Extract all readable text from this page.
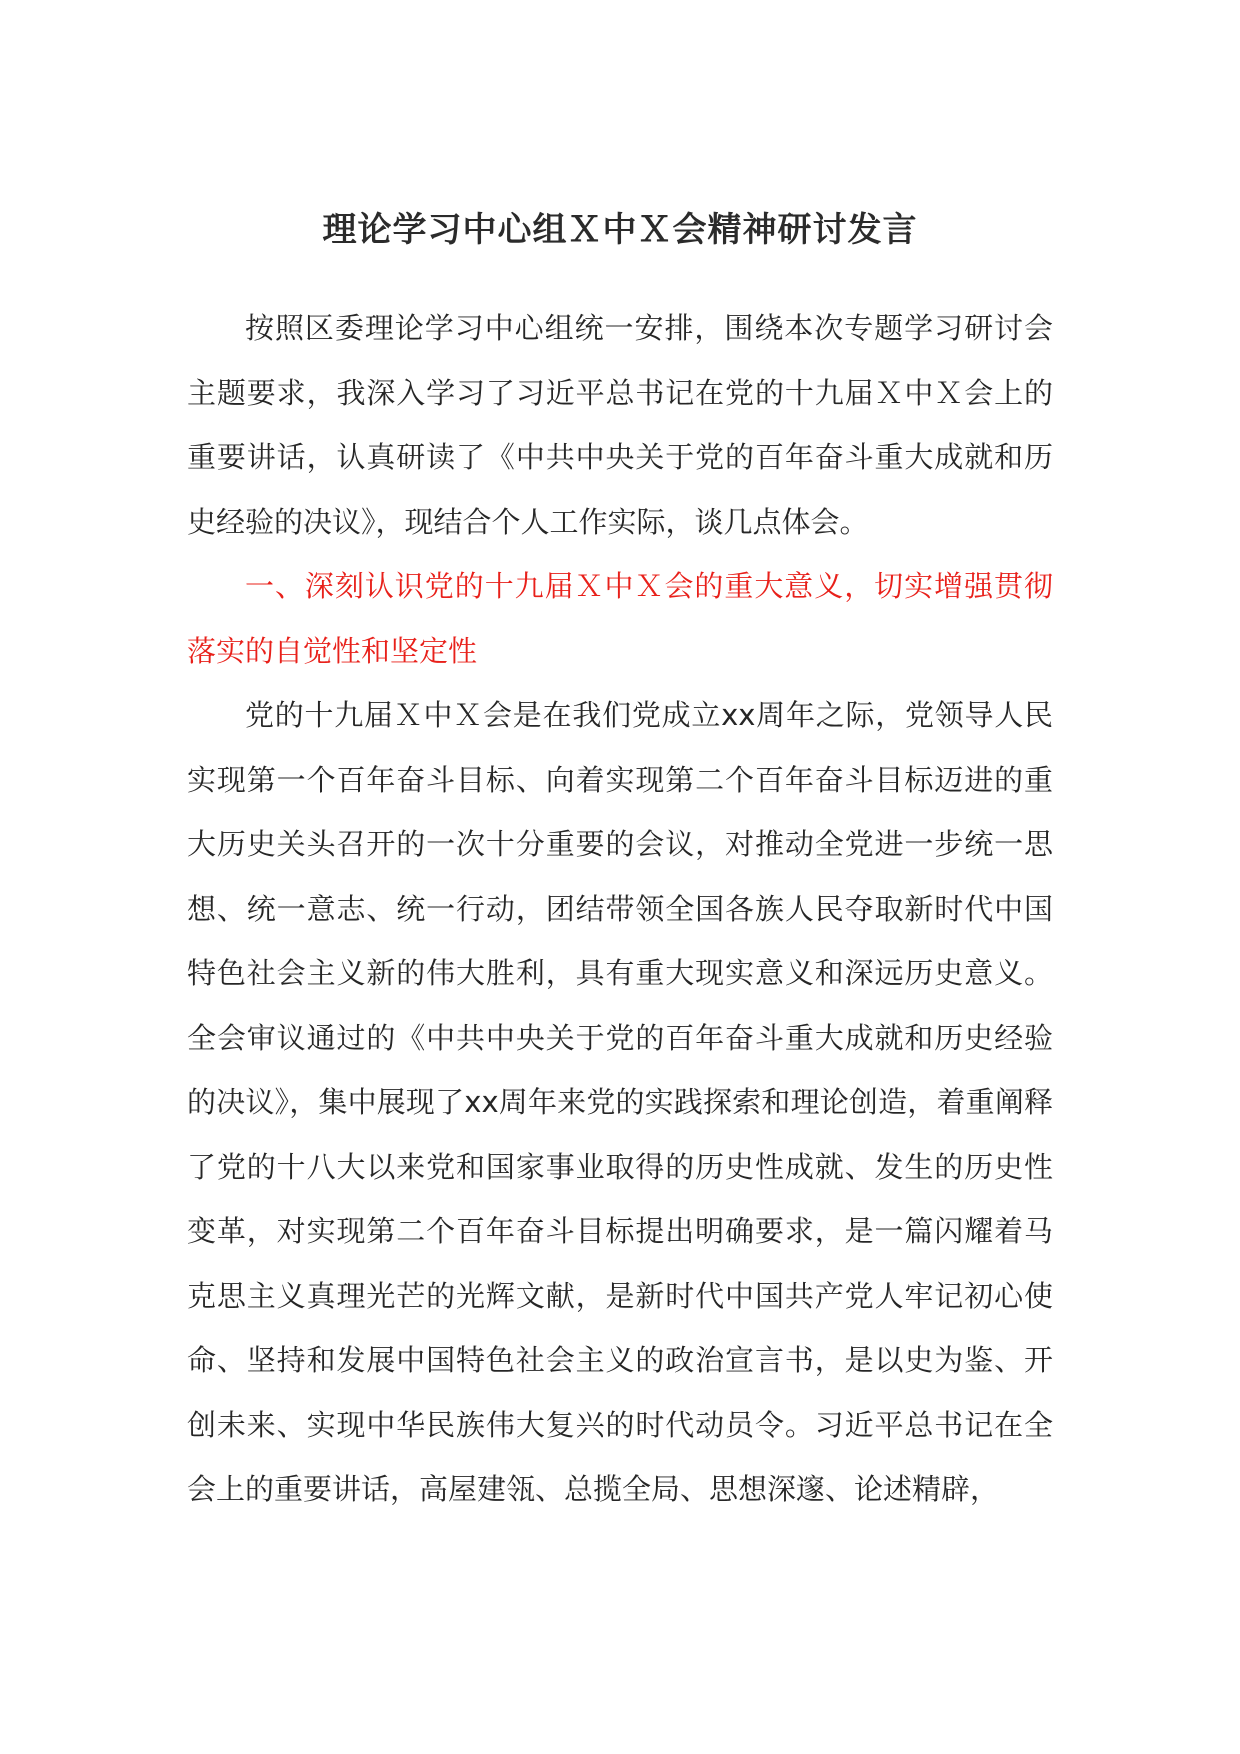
理论学习中心组Ｘ中Ｘ会精神研讨发言

按照区委理论学习中心组统一安排，围绕本次专题学习研讨会主题要求，我深入学习了习近平总书记在党的十九届Ｘ中Ｘ会上的重要讲话，认真研读了《中共中央关于党的百年奋斗重大成就和历史经验的决议》，现结合个人工作实际，谈几点体会。

一、深刻认识党的十九届Ｘ中Ｘ会的重大意义，切实增强贯彻落实的自觉性和坚定性

党的十九届Ｘ中Ｘ会是在我们党成立xx周年之际，党领导人民实现第一个百年奋斗目标、向着实现第二个百年奋斗目标迈进的重大历史关头召开的一次十分重要的会议，对推动全党进一步统一思想、统一意志、统一行动，团结带领全国各族人民夺取新时代中国特色社会主义新的伟大胜利，具有重大现实意义和深远历史意义。全会审议通过的《中共中央关于党的百年奋斗重大成就和历史经验的决议》，集中展现了xx周年来党的实践探索和理论创造，着重阐释了党的十八大以来党和国家事业取得的历史性成就、发生的历史性变革，对实现第二个百年奋斗目标提出明确要求，是一篇闪耀着马克思主义真理光芒的光辉文献，是新时代中国共产党人牢记初心使命、坚持和发展中国特色社会主义的政治宣言书，是以史为鉴、开创未来、实现中华民族伟大复兴的时代动员令。习近平总书记在全会上的重要讲话，高屋建瓴、总揽全局、思想深邃、论述精辟，
